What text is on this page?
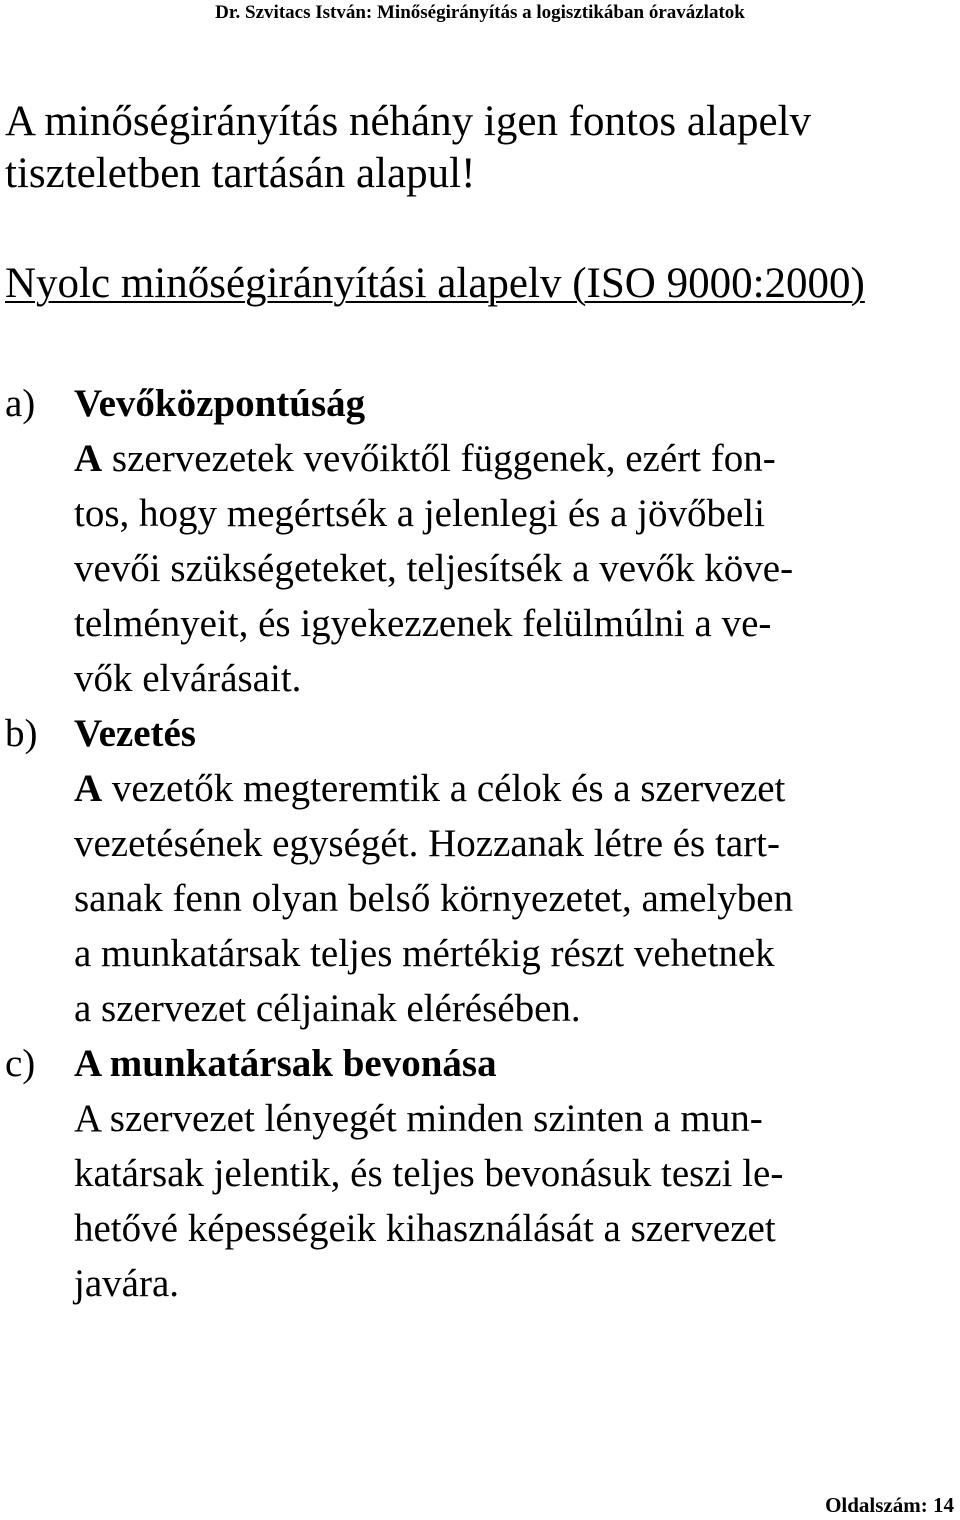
Dr. Szvitacs István: Minőségirányítás a logisztikában óravázlatok
A minőségirányítás néhány igen fontos alapelv
tiszteletben tartásán alapul!
Nyolc minőségirányítási alapelv (ISO 9000:2000)
a) Vevőközpontúság
A szervezetek vevőiktől függenek, ezért fon-
tos, hogy megértsék a jelenlegi és a jövőbeli
vevői szükségeteket, teljesítsék a vevők köve-
telményeit, és igyekezzenek felülmúlni a ve-
vők elvárásait.
b) Vezetés
A vezetők megteremtik a célok és a szervezet
vezetésének egységét. Hozzanak létre és tart-
sanak fenn olyan belső környezetet, amelyben
a munkatársak teljes mértékig részt vehetnek
a szervezet céljainak elérésében.
c) A munkatársak bevonása
A szervezet lényegét minden szinten a mun-
katársak jelentik, és teljes bevonásuk teszi le-
hetővé képességeik kihasználását a szervezet
javára.
Oldalszám: 14
